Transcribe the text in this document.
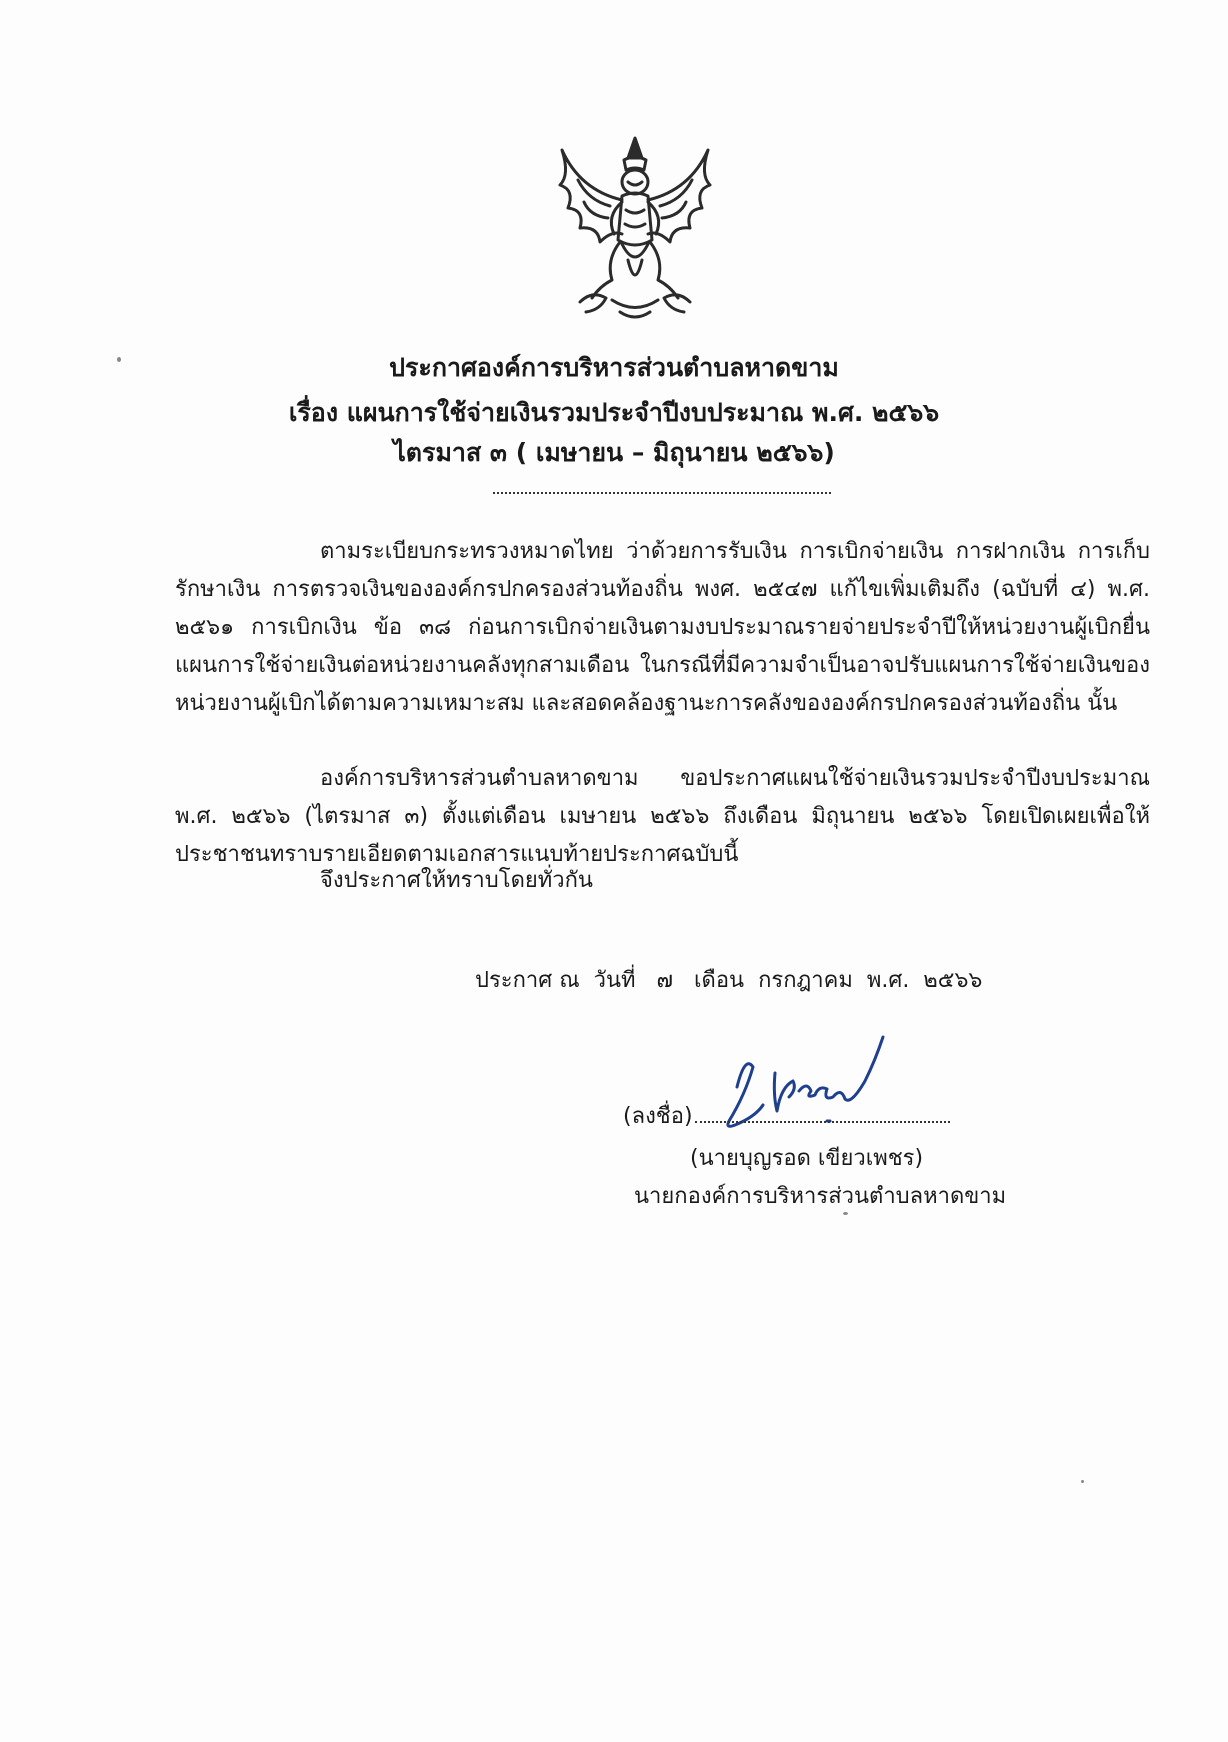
ประกาศองค์การบริหารส่วนตำบลหาดขาม
เรื่อง แผนการใช้จ่ายเงินรวมประจำปีงบประมาณ พ.ศ. ๒๕๖๖
ไตรมาส ๓ ( เมษายน – มิถุนายน ๒๕๖๖)
ตามระเบียบกระทรวงหมาดไทย ว่าด้วยการรับเงิน การเบิกจ่ายเงิน การฝากเงิน การเก็บรักษาเงิน การตรวจเงินขององค์กรปกครองส่วนท้องถิ่น พงศ. ๒๕๔๗ แก้ไขเพิ่มเติมถึง (ฉบับที่ ๔) พ.ศ. ๒๕๖๑ การเบิกเงิน ข้อ ๓๘ ก่อนการเบิกจ่ายเงินตามงบประมาณรายจ่ายประจำปีให้หน่วยงานผู้เบิกยื่นแผนการใช้จ่ายเงินต่อหน่วยงานคลังทุกสามเดือน ในกรณีที่มีความจำเป็นอาจปรับแผนการใช้จ่ายเงินของหน่วยงานผู้เบิกได้ตามความเหมาะสม และสอดคล้องฐานะการคลังขององค์กรปกครองส่วนท้องถิ่น นั้น
องค์การบริหารส่วนตำบลหาดขาม ขอประกาศแผนใช้จ่ายเงินรวมประจำปีงบประมาณ พ.ศ. ๒๕๖๖ (ไตรมาส ๓) ตั้งแต่เดือน เมษายน ๒๕๖๖ ถึงเดือน มิถุนายน ๒๕๖๖ โดยเปิดเผยเพื่อให้ประชาชนทราบรายเอียดตามเอกสารแนบท้ายประกาศฉบับนี้
จึงประกาศให้ทราบโดยทั่วกัน
ประกาศ ณ  วันที่   ๗   เดือน  กรกฎาคม  พ.ศ.  ๒๕๖๖
(ลงชื่อ)
(นายบุญรอด เขียวเพชร)
นายกองค์การบริหารส่วนตำบลหาดขาม
